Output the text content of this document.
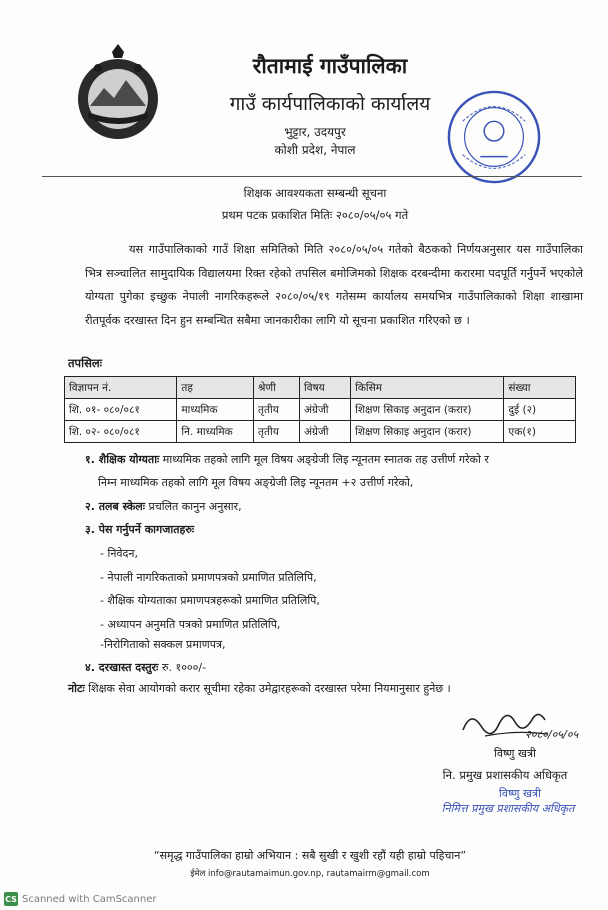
रौतामाई गाउँपालिका
गाउँ कार्यपालिकाको कार्यालय
भुट्टार, उदयपुर
कोशी प्रदेश, नेपाल
शिक्षक आवश्यकता सम्बन्धी सूचना
प्रथम पटक प्रकाशित मितिः २०८०/०५/०५ गते
यस गाउँपालिकाको गाउँ शिक्षा समितिको मिति २०८०/०५/०५ गतेको बैठकको निर्णयअनुसार यस गाउँपालिका भित्र सञ्चालित सामुदायिक विद्यालयमा रिक्त रहेको तपसिल बमोजिमको शिक्षक दरबन्दीमा करारमा पदपूर्ति गर्नुपर्ने भएकोले योग्यता पुगेका इच्छुक नेपाली नागरिकहरूले २०८०/०५/१९ गतेसम्म कार्यालय समयभित्र गाउँपालिकाको शिक्षा शाखामा रीतपूर्वक दरखास्त दिन हुन सम्बन्धित सबैमा जानकारीका लागि यो सूचना प्रकाशित गरिएको छ ।
तपसिलः
विज्ञापन नं.	तह	श्रेणी	विषय	किसिम	संख्या
शि. ०१- ०८०/०८१	माध्यमिक	तृतीय	अंग्रेजी	शिक्षण सिकाइ अनुदान (करार)	दुई (२)
शि. ०२- ०८०/०८१	नि. माध्यमिक	तृतीय	अंग्रेजी	शिक्षण सिकाइ अनुदान (करार)	एक(१)
१. शैक्षिक योग्यताः माध्यमिक तहको लागि मूल विषय अङ्ग्रेजी लिइ न्यूनतम स्नातक तह उत्तीर्ण गरेको र
निम्न माध्यमिक तहको लागि मूल विषय अङ्ग्रेजी लिइ न्यूनतम +२ उत्तीर्ण गरेको,
२. तलब स्केलः प्रचलित कानुन अनुसार,
३. पेस गर्नुपर्ने कागजातहरुः
- निवेदन,
- नेपाली नागरिकताको प्रमाणपत्रको प्रमाणित प्रतिलिपि,
- शैक्षिक योग्यताका प्रमाणपत्रहरूको प्रमाणित प्रतिलिपि,
- अध्यापन अनुमति पत्रको प्रमाणित प्रतिलिपि,
-निरोगिताको सक्कल प्रमाणपत्र,
४. दरखास्त दस्तुरः रु. १०००/-
नोटः शिक्षक सेवा आयोगको करार सूचीमा रहेका उमेद्वारहरूको दरखास्त परेमा नियमानुसार हुनेछ ।
२०८०/०५/०५
विष्णु खत्री
नि. प्रमुख प्रशासकीय अधिकृत
विष्णु खत्री
निमित्त प्रमुख प्रशासकीय अधिकृत
“समृद्ध गाउँपालिका हाम्रो अभियान : सबै सुखी र खुशी रहौं यही हाम्रो पहिचान”
ईमेल info@rautamaimun.gov.np, rautamairm@gmail.com
CS Scanned with CamScanner
